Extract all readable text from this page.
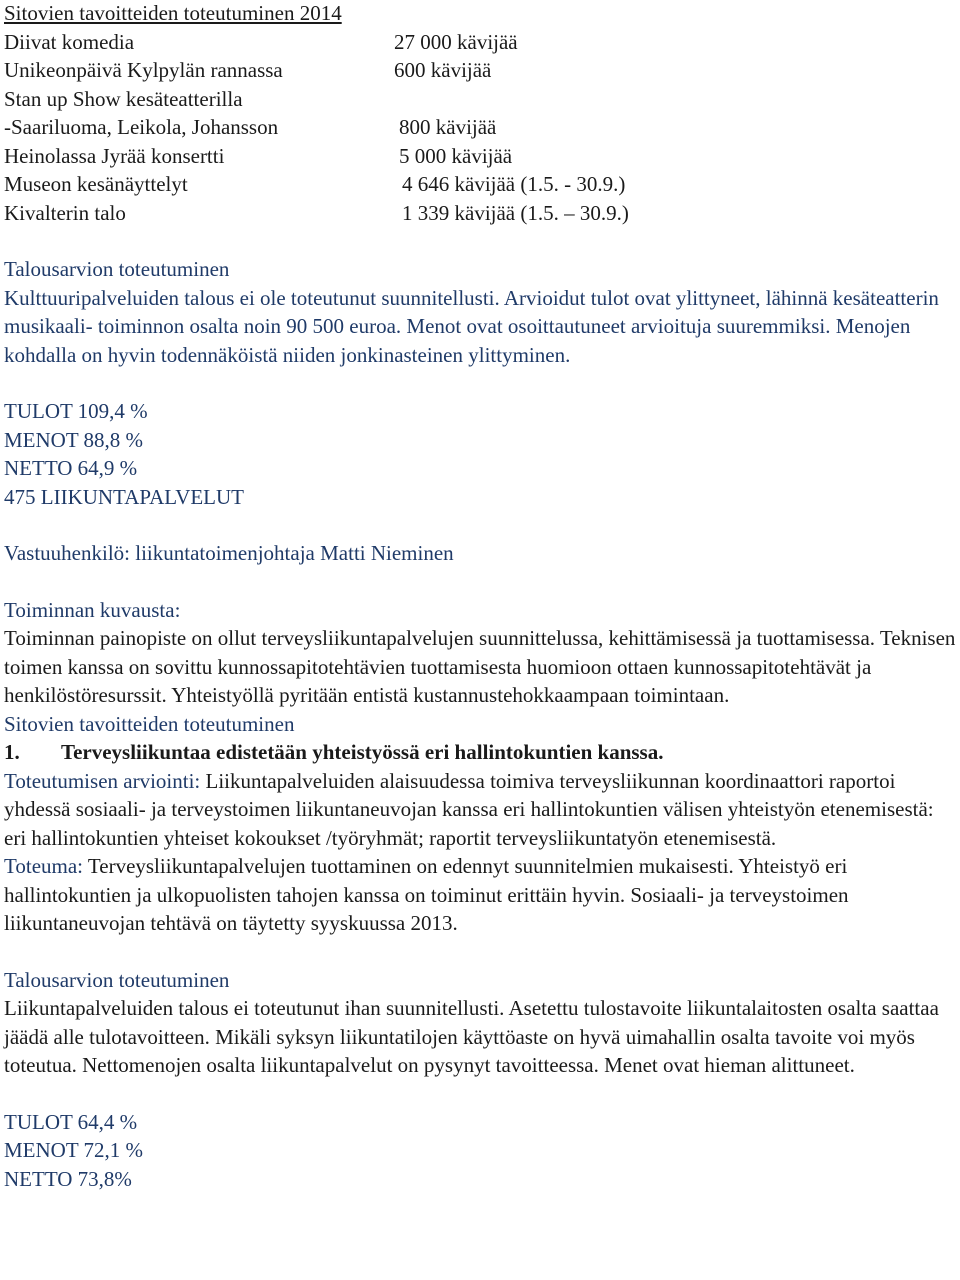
Sitovien tavoitteiden toteutuminen 2014
Diivat komedia	27 000 kävijää
Unikeonpäivä Kylpylän rannassa	600 kävijää
Stan up Show kesäteatterilla
-Saariluoma, Leikola, Johansson	800 kävijää
Heinolassa Jyrää konsertti	5 000 kävijää
Museon kesänäyttelyt	4 646 kävijää (1.5. - 30.9.)
Kivalterin talo	1 339 kävijää (1.5. – 30.9.)
Talousarvion toteutuminen

Kulttuuripalveluiden talous ei ole toteutunut suunnitellusti. Arvioidut tulot ovat ylittyneet, lähinnä kesäteatterin musikaali- toiminnon osalta noin 90 500 euroa. Menot ovat osoittautuneet arvioituja suuremmiksi. Menojen kohdalla on hyvin todennäköistä niiden jonkinasteinen ylittyminen.

TULOT 109,4 %
MENOT 88,8 %
NETTO 64,9 %
475 LIIKUNTAPALVELUT
Vastuuhenkilö: liikuntatoimenjohtaja Matti Nieminen
Toiminnan kuvausta:

Toiminnan painopiste on ollut terveysliikuntapalvelujen suunnittelussa, kehittämisessä ja tuottamisessa. Teknisen toimen kanssa on sovittu kunnossapitotehtävien tuottamisesta huomioon ottaen kunnossapitotehtävät ja henkilöstöresurssit. Yhteistyöllä pyritään entistä kustannustehokkaampaan toimintaan.

Sitovien tavoitteiden toteutuminen
1. Terveysliikuntaa edistetään yhteistyössä eri hallintokuntien kanssa.

Toteutumisen arviointi: Liikuntapalveluiden alaisuudessa toimiva terveysliikunnan koordinaattori raportoi yhdessä sosiaali- ja terveystoimen liikuntaneuvojan kanssa eri hallintokuntien välisen yhteistyön etenemisestä: eri hallintokuntien yhteiset kokoukset /työryhmät; raportit terveysliikuntatyön etenemisestä.

Toteuma: Terveysliikuntapalvelujen tuottaminen on edennyt suunnitelmien mukaisesti. Yhteistyö eri hallintokuntien ja ulkopuolisten tahojen kanssa on toiminut erittäin hyvin. Sosiaali- ja terveystoimen liikuntaneuvojan tehtävä on täytetty syyskuussa 2013.

Talousarvion toteutuminen

Liikuntapalveluiden talous ei toteutunut ihan suunnitellusti. Asetettu tulostavoite liikuntalaitosten osalta saattaa jäädä alle tulotavoitteen. Mikäli syksyn liikuntatilojen käyttöaste on hyvä uimahallin osalta tavoite voi myös toteutua. Nettomenojen osalta liikuntapalvelut on pysynyt tavoitteessa. Menet ovat hieman alittuneet.

TULOT 64,4 %
MENOT 72,1 %
NETTO 73,8%
